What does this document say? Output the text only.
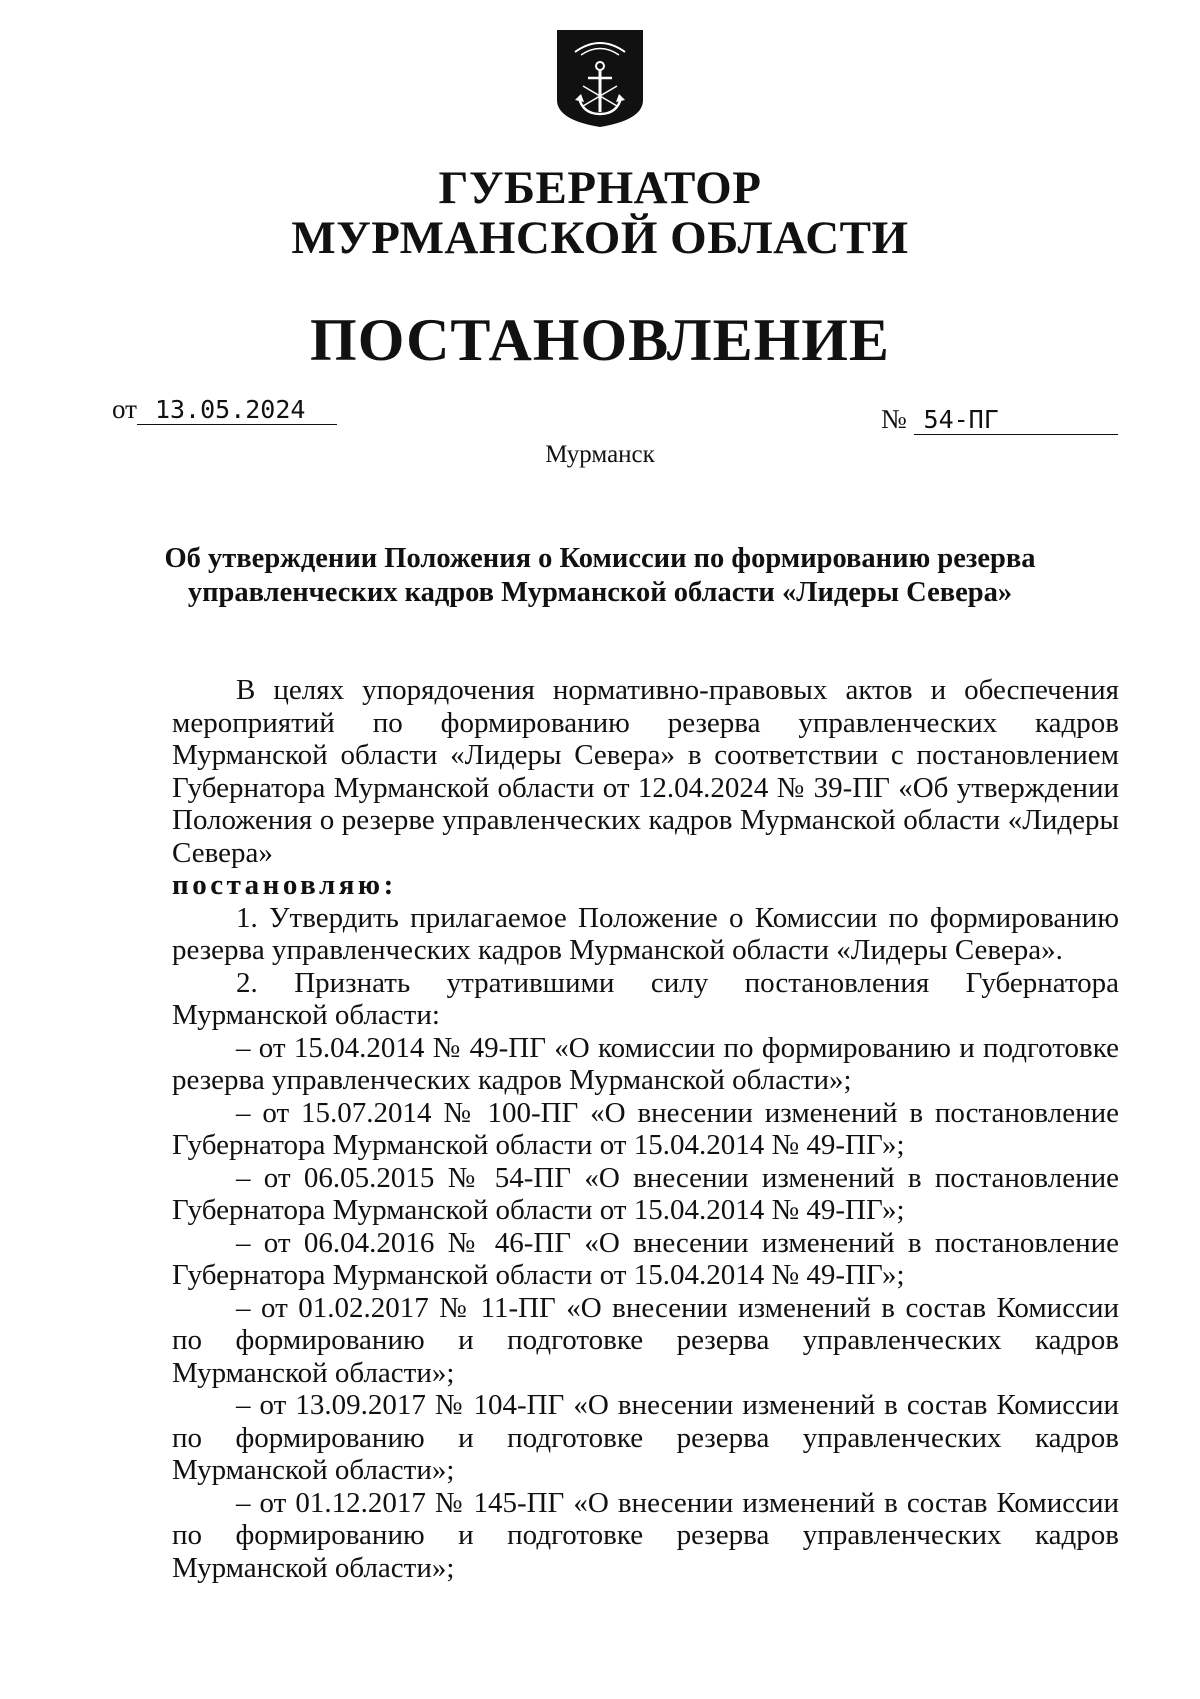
ГУБЕРНАТОР
МУРМАНСКОЙ ОБЛАСТИ
ПОСТАНОВЛЕНИЕ
от 13.05.2024	№ 54-ПГ
Мурманск
Об утверждении Положения о Комиссии по формированию резерва управленческих кадров Мурманской области «Лидеры Севера»

В целях упорядочения нормативно-правовых актов и обеспечения мероприятий по формированию резерва управленческих кадров Мурманской области «Лидеры Севера» в соответствии с постановлением Губернатора Мурманской области от 12.04.2024 № 39-ПГ «Об утверждении Положения о резерве управленческих кадров Мурманской области «Лидеры Севера»

постановляю:

1. Утвердить прилагаемое Положение о Комиссии по формированию резерва управленческих кадров Мурманской области «Лидеры Севера».

2. Признать утратившими силу постановления Губернатора Мурманской области:

– от 15.04.2014 № 49-ПГ «О комиссии по формированию и подготовке резерва управленческих кадров Мурманской области»;

– от 15.07.2014 № 100-ПГ «О внесении изменений в постановление Губернатора Мурманской области от 15.04.2014 № 49-ПГ»;

– от 06.05.2015 № 54-ПГ «О внесении изменений в постановление Губернатора Мурманской области от 15.04.2014 № 49-ПГ»;

– от 06.04.2016 № 46-ПГ «О внесении изменений в постановление Губернатора Мурманской области от 15.04.2014 № 49-ПГ»;

– от 01.02.2017 № 11-ПГ «О внесении изменений в состав Комиссии по формированию и подготовке резерва управленческих кадров Мурманской области»;

– от 13.09.2017 № 104-ПГ «О внесении изменений в состав Комиссии по формированию и подготовке резерва управленческих кадров Мурманской области»;

– от 01.12.2017 № 145-ПГ «О внесении изменений в состав Комиссии по формированию и подготовке резерва управленческих кадров Мурманской области»;
